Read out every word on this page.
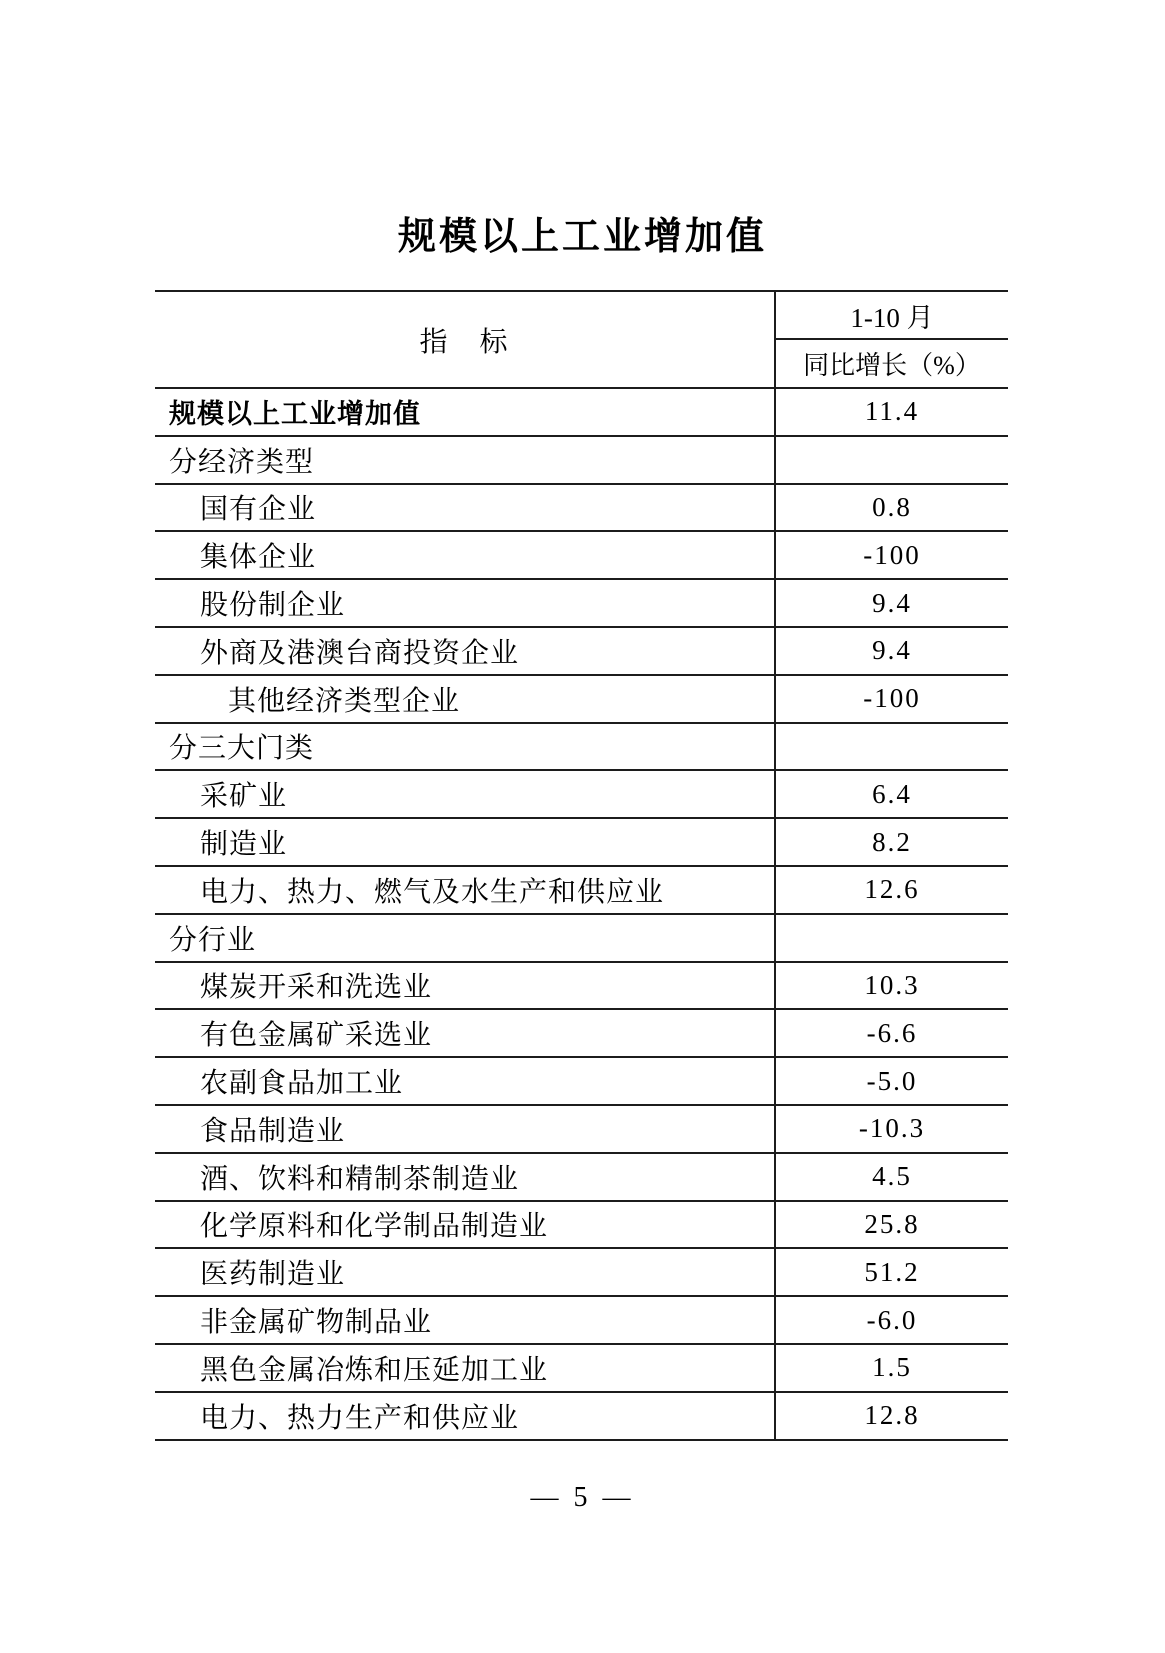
规模以上工业增加值
指　标
1-10 月
同比增长（%）
规模以上工业增加值	11.4
分经济类型
国有企业	0.8
集体企业	-100
股份制企业	9.4
外商及港澳台商投资企业	9.4
其他经济类型企业	-100
分三大门类
采矿业	6.4
制造业	8.2
电力、热力、燃气及水生产和供应业	12.6
分行业
煤炭开采和洗选业	10.3
有色金属矿采选业	-6.6
农副食品加工业	-5.0
食品制造业	-10.3
酒、饮料和精制茶制造业	4.5
化学原料和化学制品制造业	25.8
医药制造业	51.2
非金属矿物制品业	-6.0
黑色金属冶炼和压延加工业	1.5
电力、热力生产和供应业	12.8
— 5 —
